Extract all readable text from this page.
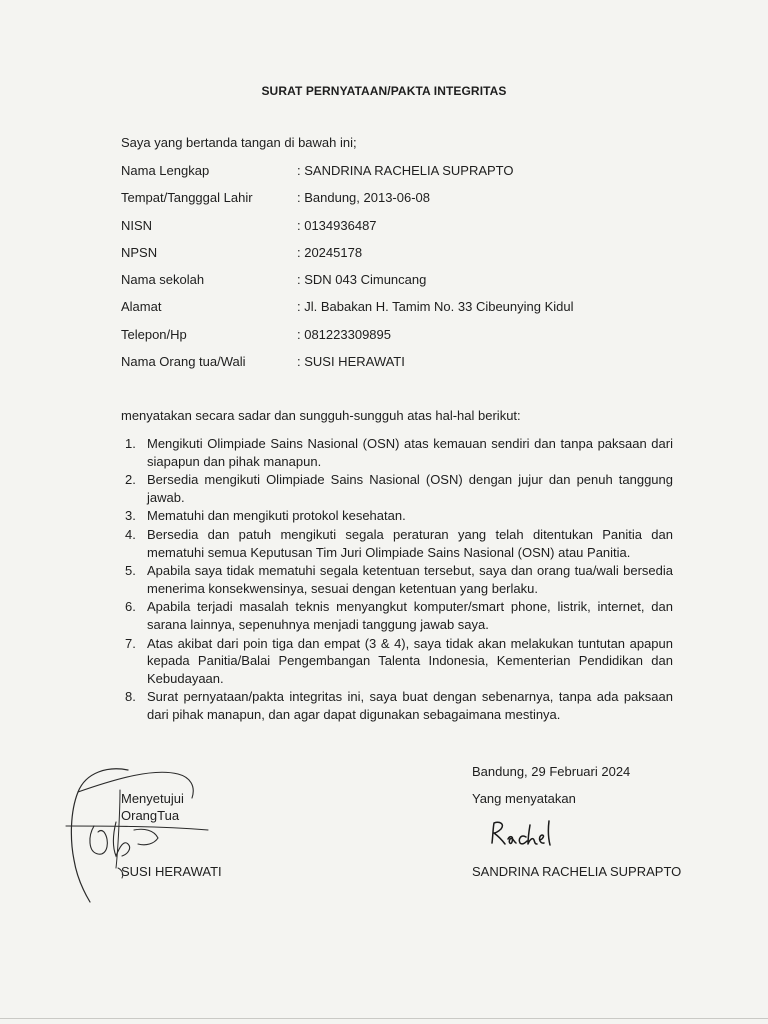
SURAT PERNYATAAN/PAKTA INTEGRITAS
Saya yang bertanda tangan di bawah ini;
Nama Lengkap	: SANDRINA RACHELIA SUPRAPTO
Tempat/Tangggal Lahir	: Bandung, 2013-06-08
NISN	: 0134936487
NPSN	: 20245178
Nama sekolah	: SDN 043 Cimuncang
Alamat	: Jl. Babakan H. Tamim No. 33 Cibeunying Kidul
Telepon/Hp	: 081223309895
Nama Orang tua/Wali	: SUSI HERAWATI
menyatakan secara sadar dan sungguh-sungguh atas hal-hal berikut:
1. Mengikuti Olimpiade Sains Nasional (OSN) atas kemauan sendiri dan tanpa paksaan dari siapapun dan pihak manapun.
2. Bersedia mengikuti Olimpiade Sains Nasional (OSN) dengan jujur dan penuh tanggung jawab.
3. Mematuhi dan mengikuti protokol kesehatan.
4. Bersedia dan patuh mengikuti segala peraturan yang telah ditentukan Panitia dan mematuhi semua Keputusan Tim Juri Olimpiade Sains Nasional (OSN) atau Panitia.
5. Apabila saya tidak mematuhi segala ketentuan tersebut, saya dan orang tua/wali bersedia menerima konsekwensinya, sesuai dengan ketentuan yang berlaku.
6. Apabila terjadi masalah teknis menyangkut komputer/smart phone, listrik, internet, dan sarana lainnya, sepenuhnya menjadi tanggung jawab saya.
7. Atas akibat dari poin tiga dan empat (3 & 4), saya tidak akan melakukan tuntutan apapun kepada Panitia/Balai Pengembangan Talenta Indonesia, Kementerian Pendidikan dan Kebudayaan.
8. Surat pernyataan/pakta integritas ini, saya buat dengan sebenarnya, tanpa ada paksaan dari pihak manapun, dan agar dapat digunakan sebagaimana mestinya.
Bandung, 29 Februari 2024
Yang menyatakan
SANDRINA RACHELIA SUPRAPTO
Menyetujui
OrangTua
SUSI HERAWATI
